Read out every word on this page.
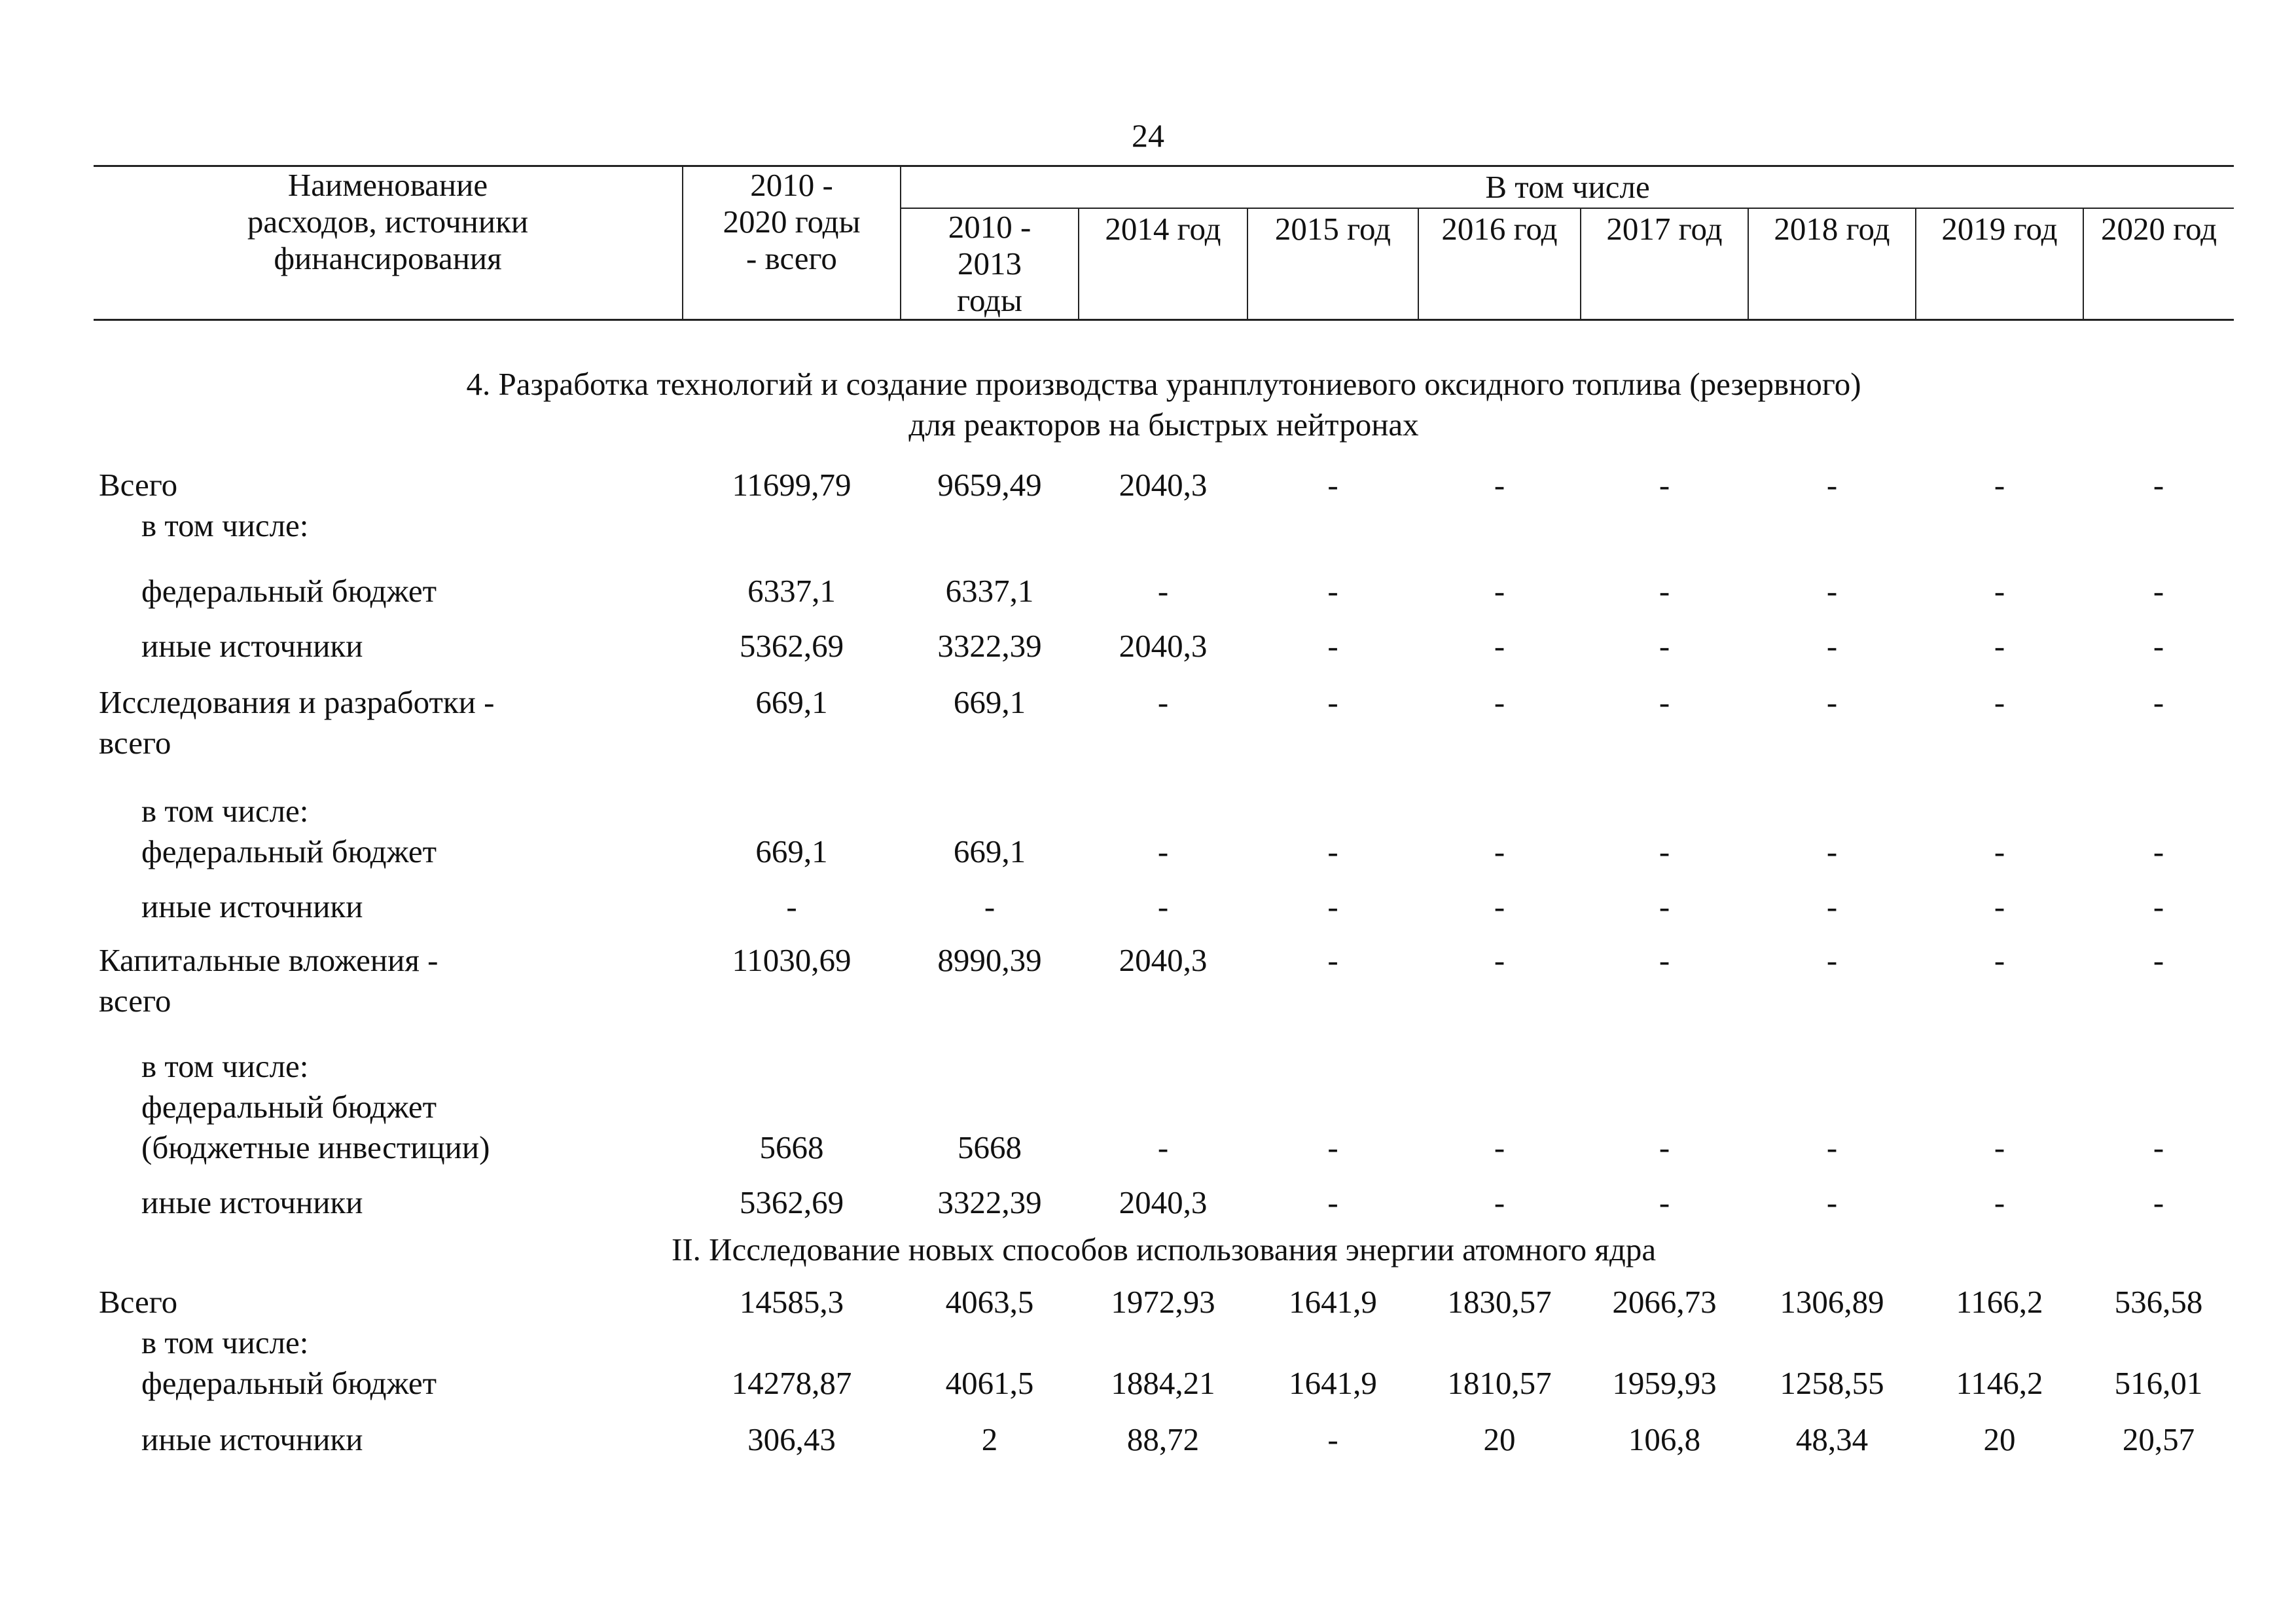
24
Наименование расходов, источники финансирования	2010 - 2020 годы - всего	В том числе							
		2010 - 2013 годы	2014 год	2015 год	2016 год	2017 год	2018 год	2019 год	2020 год

4. Разработка технологий и создание производства уранплутониевого оксидного топлива (резервного)
для реакторов на быстрых нейтронах									

Всего	11699,79	9659,49	2040,3	-	-	-	-	-	-
в том числе:									
федеральный бюджет	6337,1	6337,1	-	-	-	-	-	-	-
иные источники	5362,69	3322,39	2040,3	-	-	-	-	-	-
Исследования и разработки -	669,1	669,1	-	-	-	-	-	-	-
всего									
в том числе:									
федеральный бюджет	669,1	669,1	-	-	-	-	-	-	-
иные источники	-	-	-	-	-	-	-	-	-
Капитальные вложения -	11030,69	8990,39	2040,3	-	-	-	-	-	-
всего									
в том числе:									
федеральный бюджет									
(бюджетные инвестиции)	5668	5668	-	-	-	-	-	-	-
иные источники	5362,69	3322,39	2040,3	-	-	-	-	-	-

II. Исследование новых способов использования энергии атомного ядра									

Всего	14585,3	4063,5	1972,93	1641,9	1830,57	2066,73	1306,89	1166,2	536,58
в том числе:									
федеральный бюджет	14278,87	4061,5	1884,21	1641,9	1810,57	1959,93	1258,55	1146,2	516,01
иные источники	306,43	2	88,72	-	20	106,8	48,34	20	20,57
